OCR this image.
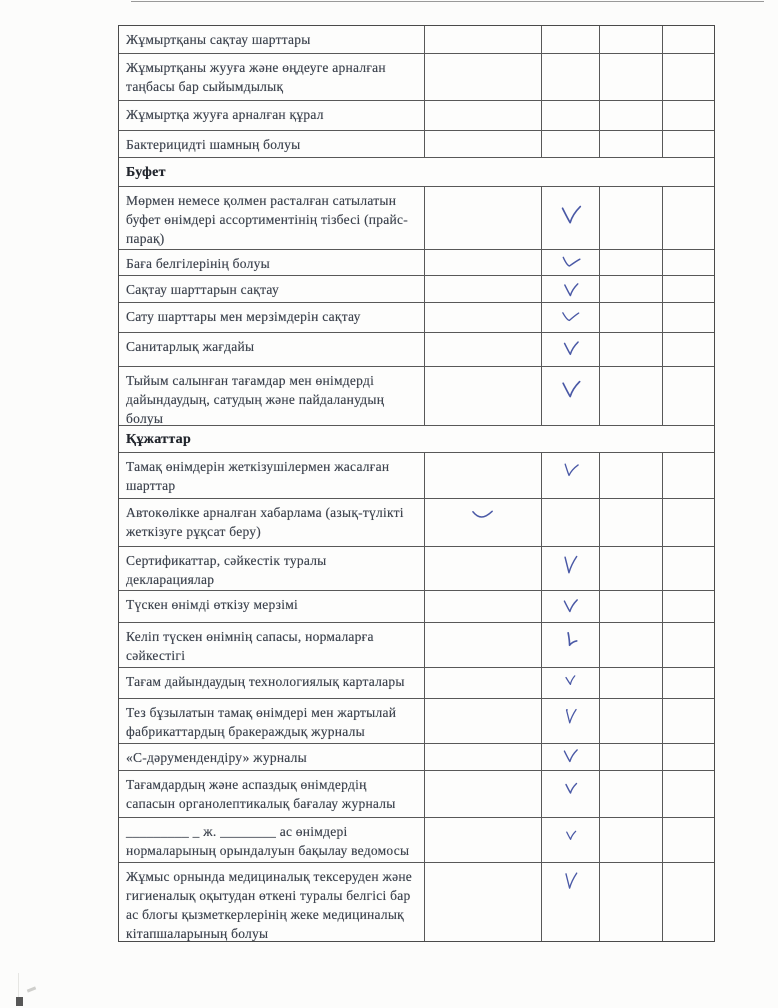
Жұмыртқаны сақтау шарттары
Жұмыртқаны жууға және өңдеуге арналған таңбасы бар сыйымдылық
Жұмыртқа жууға арналған құрал
Бактерицидті шамның болуы
Буфет
Мөрмен немесе қолмен расталған сатылатын буфет өнімдері ассортиментінің тізбесі (прайс-парақ)
Баға белгілерінің болуы
Сақтау шарттарын сақтау
Сату шарттары мен мерзімдерін сақтау
Санитарлық жағдайы
Тыйым салынған тағамдар мен өнімдерді дайындаудың, сатудың және пайдаланудың болуы
Құжаттар
Тамақ өнімдерін жеткізушілермен жасалған шарттар
Автокөлікке арналған хабарлама (азық-түлікті жеткізуге рұқсат беру)
Сертификаттар, сәйкестік туралы декларациялар
Түскен өнімді өткізу мерзімі
Келіп түскен өнімнің сапасы, нормаларға сәйкестігі
Тағам дайындаудың технологиялық карталары
Тез бұзылатын тамақ өнімдері мен жартылай фабрикаттардың бракераждық журналы
«С-дәрумендендіру» журналы
Тағамдардың және аспаздық өнімдердің сапасын органолептикалық бағалау журналы
_________ _ ж. ________ ас өнімдері нормаларының орындалуын бақылау ведомосы
Жұмыс орнында медициналық тексеруден және гигиеналық оқытудан өткені туралы белгісі бар ас блогы қызметкерлерінің жеке медициналық кітапшаларының болуы
